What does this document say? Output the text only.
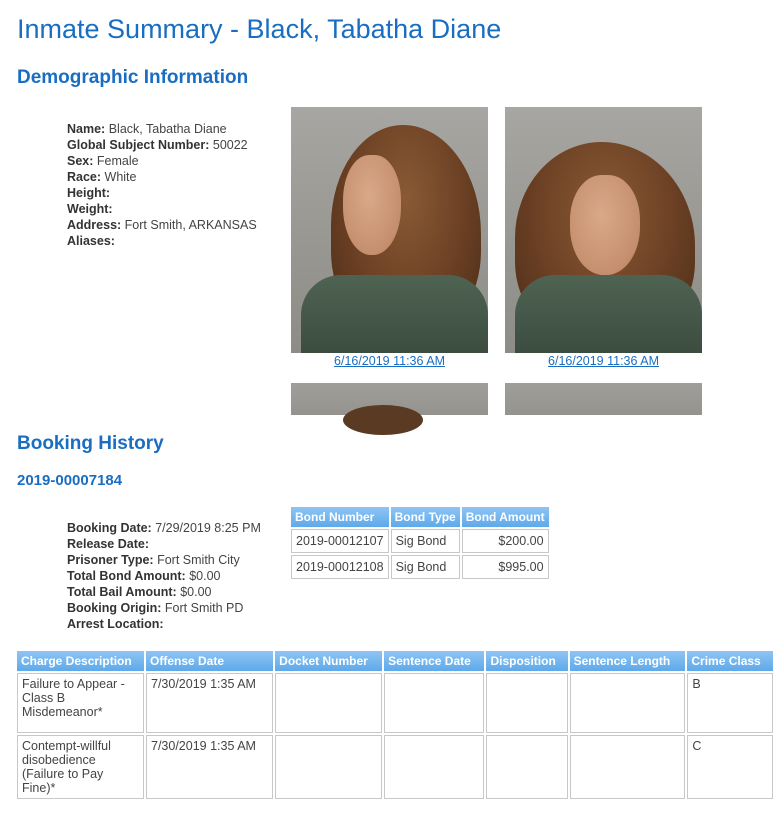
Inmate Summary - Black, Tabatha Diane
Demographic Information
Name: Black, Tabatha Diane
Global Subject Number: 50022
Sex: Female
Race: White
Height:
Weight:
Address: Fort Smith, ARKANSAS
Aliases:
6/16/2019 11:36 AM	6/16/2019 11:36 AM
Booking History
2019-00007184
Booking Date: 7/29/2019 8:25 PM
Release Date:
Prisoner Type: Fort Smith City
Total Bond Amount: $0.00
Total Bail Amount: $0.00
Booking Origin: Fort Smith PD
Arrest Location:
Bond Number	Bond Type	Bond Amount
2019-00012107	Sig Bond	$200.00
2019-00012108	Sig Bond	$995.00
Charge Description	Offense Date	Docket Number	Sentence Date	Disposition	Sentence Length	Crime Class
Failure to Appear - Class B Misdemeanor*	7/30/2019 1:35 AM					B
Contempt-willful disobedience (Failure to Pay Fine)*	7/30/2019 1:35 AM					C
